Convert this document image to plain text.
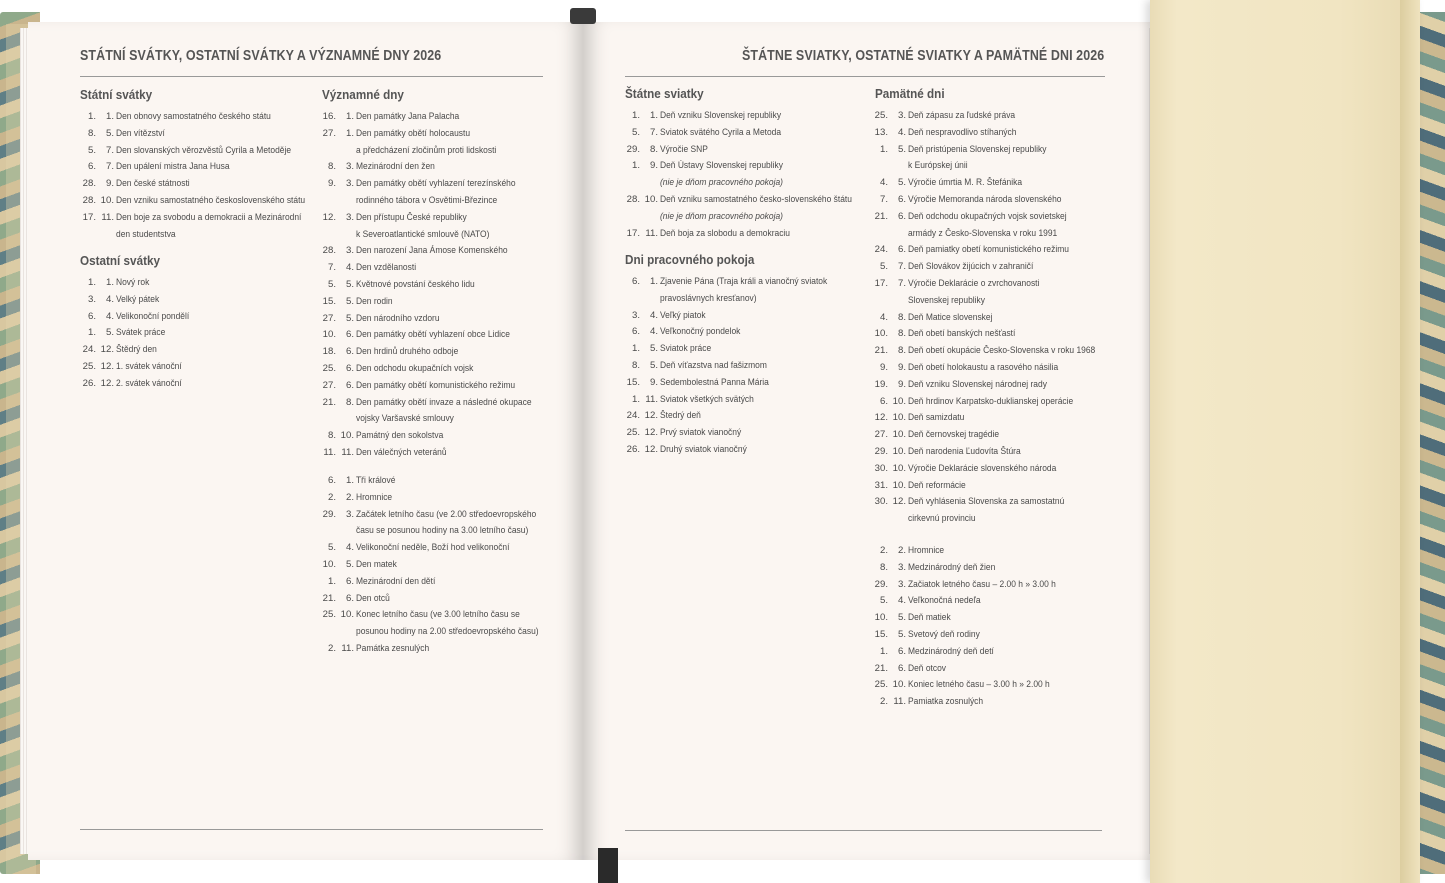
STÁTNÍ SVÁTKY, OSTATNÍ SVÁTKY A VÝZNAMNÉ DNY 2026
Státní svátky
1.	1. Den obnovy samostatného českého státu
8.	5. Den vítězství
5.	7. Den slovanských věrozvěstů Cyrila a Metoděje
6.	7. Den upálení mistra Jana Husa
28.	9. Den české státnosti
28. 10. Den vzniku samostatného československého státu
17. 11. Den boje za svobodu a demokracii a Mezinárodní
den studentstva
Ostatní svátky
1.	1. Nový rok
3.	4. Velký pátek
6.	4. Velikonoční pondělí
1.	5. Svátek práce
24. 12. Štědrý den
25. 12. 1. svátek vánoční
26. 12. 2. svátek vánoční
Významné dny
16.	1. Den památky Jana Palacha
27.	1. Den památky obětí holocaustu
a předcházení zločinům proti lidskosti
8.	3. Mezinárodní den žen
9.	3. Den památky obětí vyhlazení terezínského
rodinného tábora v Osvětimi-Březince
12.	3. Den přístupu České republiky
k Severoatlantické smlouvě (NATO)
28.	3. Den narození Jana Ámose Komenského
7.	4. Den vzdělanosti
5.	5. Květnové povstání českého lidu
15.	5. Den rodin
27.	5. Den národního vzdoru
10.	6. Den památky obětí vyhlazení obce Lidice
18.	6. Den hrdinů druhého odboje
25.	6. Den odchodu okupačních vojsk
27.	6. Den památky obětí komunistického režimu
21.	8. Den památky obětí invaze a následné okupace
vojsky Varšavské smlouvy
8. 10. Památný den sokolstva
11. 11. Den válečných veteránů
6.	1. Tři králové
2.	2. Hromnice
29.	3. Začátek letního času (ve 2.00 středoevropského
času se posunou hodiny na 3.00 letního času)
5.	4. Velikonoční neděle, Boží hod velikonoční
10.	5. Den matek
1.	6. Mezinárodní den dětí
21.	6. Den otců
25. 10. Konec letního času (ve 3.00 letního času se
posunou hodiny na 2.00 středoevropského času)
2. 11. Památka zesnulých
ŠTÁTNE SVIATKY, OSTATNÉ SVIATKY A PAMÄTNÉ DNI 2026
Štátne sviatky
1.	1. Deň vzniku Slovenskej republiky
5.	7. Sviatok svätého Cyrila a Metoda
29.	8. Výročie SNP
1.	9. Deň Ústavy Slovenskej republiky
(nie je dňom pracovného pokoja)
28. 10. Deň vzniku samostatného česko-slovenského štátu
(nie je dňom pracovného pokoja)
17. 11. Deň boja za slobodu a demokraciu
Dni pracovného pokoja
6.	1. Zjavenie Pána (Traja králi a vianočný sviatok
pravoslávnych kresťanov)
3.	4. Veľký piatok
6.	4. Veľkonočný pondelok
1.	5. Sviatok práce
8.	5. Deň víťazstva nad fašizmom
15.	9. Sedembolestná Panna Mária
1. 11. Sviatok všetkých svätých
24. 12. Štedrý deň
25. 12. Prvý sviatok vianočný
26. 12. Druhý sviatok vianočný
Pamätné dni
25.	3. Deň zápasu za ľudské práva
13.	4. Deň nespravodlivo stíhaných
1.	5. Deň pristúpenia Slovenskej republiky
k Európskej únii
4.	5. Výročie úmrtia M. R. Štefánika
7.	6. Výročie Memoranda národa slovenského
21.	6. Deň odchodu okupačných vojsk sovietskej
armády z Česko-Slovenska v roku 1991
24.	6. Deň pamiatky obetí komunistického režimu
5.	7. Deň Slovákov žijúcich v zahraničí
17.	7. Výročie Deklarácie o zvrchovanosti
Slovenskej republiky
4.	8. Deň Matice slovenskej
10.	8. Deň obetí banských nešťastí
21.	8. Deň obetí okupácie Česko-Slovenska v roku 1968
9.	9. Deň obetí holokaustu a rasového násilia
19.	9. Deň vzniku Slovenskej národnej rady
6. 10. Deň hrdinov Karpatsko-duklianskej operácie
12. 10. Deň samizdatu
27. 10. Deň černovskej tragédie
29. 10. Deň narodenia Ľudovíta Štúra
30. 10. Výročie Deklarácie slovenského národa
31. 10. Deň reformácie
30. 12. Deň vyhlásenia Slovenska za samostatnú
cirkevnú provinciu
2.	2. Hromnice
8.	3. Medzinárodný deň žien
29.	3. Začiatok letného času – 2.00 h » 3.00 h
5.	4. Veľkonočná nedeľa
10.	5. Deň matiek
15.	5. Svetový deň rodiny
1.	6. Medzinárodný deň detí
21.	6. Deň otcov
25. 10. Koniec letného času – 3.00 h » 2.00 h
2. 11. Pamiatka zosnulých
